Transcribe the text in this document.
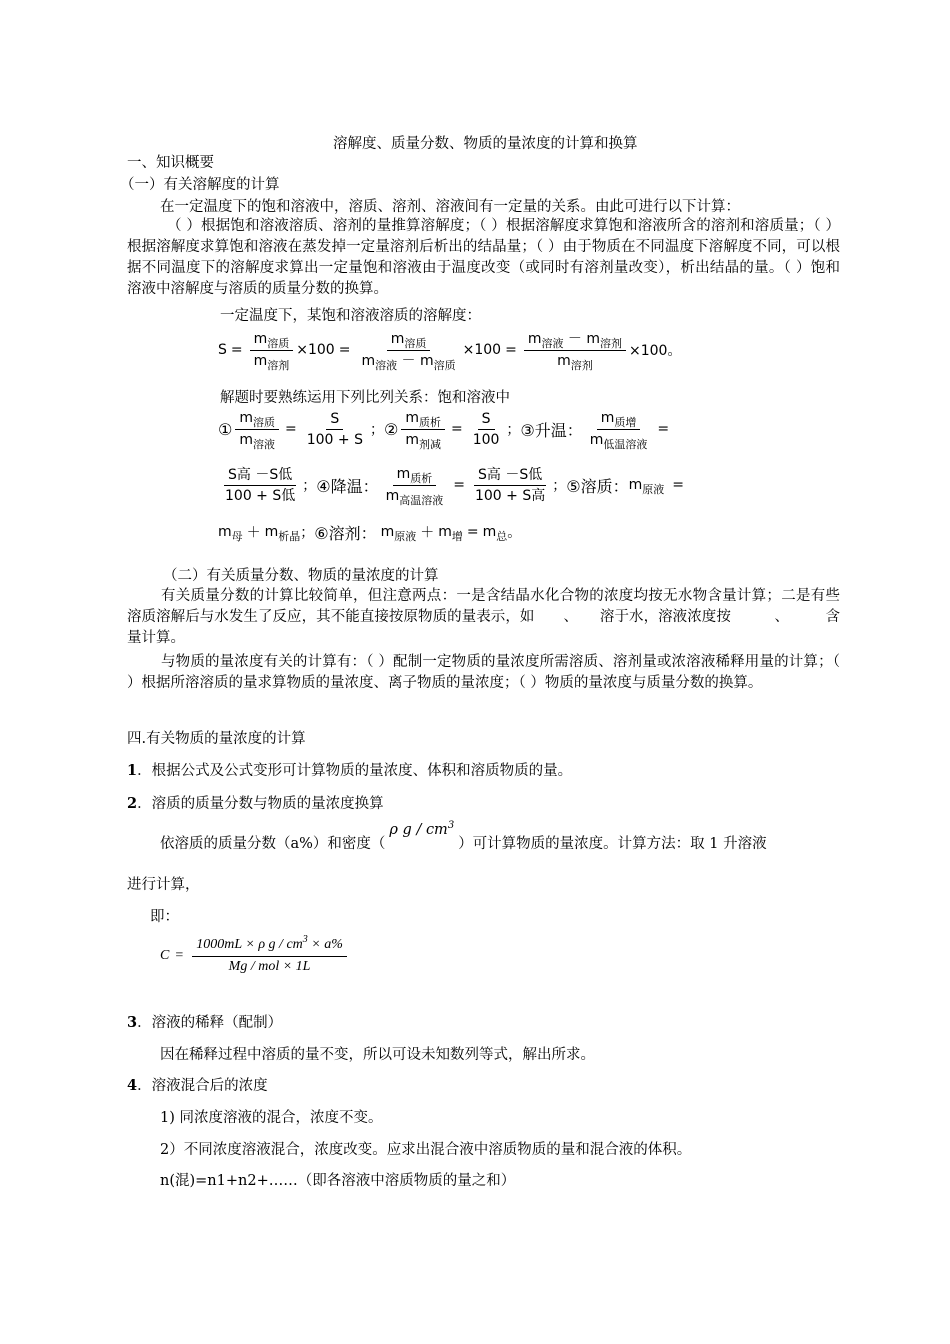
溶解度、质量分数、物质的量浓度的计算和换算
一、知识概要
（一）有关溶解度的计算
在一定温度下的饱和溶液中，溶质、溶剂、溶液间有一定量的关系。由此可进行以下计算：
（ ）根据饱和溶液溶质、溶剂的量推算溶解度；（ ）根据溶解度求算饱和溶液所含的溶剂和溶质量；（ ）根据溶解度求算饱和溶液在蒸发掉一定量溶剂后析出的结晶量；（ ）由于物质在不同温度下溶解度不同，可以根据不同温度下的溶解度求算出一定量饱和溶液由于温度改变（或同时有溶剂量改变），析出结晶的量。（ ）饱和溶液中溶解度与溶质的质量分数的换算。
一定温度下，某饱和溶液溶质的溶解度：
$S = \frac{m_{溶质}}{m_{溶剂}} \times 100 = \frac{m_{溶质}}{m_{溶液} - m_{溶质}} \times 100 = \frac{m_{溶液} - m_{溶剂}}{m_{溶剂}} \times 100$。
解题时要熟练运用下列比列关系：饱和溶液中
① $\frac{m_{溶质}}{m_{溶液}} = \frac{S}{100 + S}$ ； ② $\frac{m_{质析}}{m_{剂减}} = \frac{S}{100}$ ； ③升温： $\frac{m_{质增}}{m_{低温溶液}}$ =
$\frac{\text{S高 －S低}}{\text{100 + S低}}$ ； ④降温： $\frac{m_{质析}}{m_{高温溶液}} = \frac{\text{S高 －S低}}{\text{100 + S高}}$ ； ⑤溶质： m 原液 =
m 母 ＋ m 析晶 ； ⑥溶剂： m 原液 ＋ m 增 = m 总 。
（二）有关质量分数、物质的量浓度的计算
有关质量分数的计算比较简单，但注意两点：一是含结晶水化合物的浓度均按无水物含量计算；二是有些溶质溶解后与水发生了反应，其不能直接按原物质的量表示，如　　、　　溶于水，溶液浓度按　　　、　　　含量计算。
与物质的量浓度有关的计算有：（ ）配制一定物质的量浓度所需溶质、溶剂量或浓溶液稀释用量的计算；（ ）根据所溶溶质的量求算物质的量浓度、离子物质的量浓度；（ ）物质的量浓度与质量分数的换算。
四.有关物质的量浓度的计算
1．根据公式及公式变形可计算物质的量浓度、体积和溶质物质的量。
2．溶质的质量分数与物质的量浓度换算
依溶质的质量分数（a%）和密度（ρ g / $cm^3$）可计算物质的量浓度。计算方法：取 1 升溶液
进行计算，
即：
$C = \frac{1000mL \times \rho g / cm^3 \times a\%}{\text{Mg / mol × 1L}}$
3．溶液的稀释（配制）
因在稀释过程中溶质的量不变，所以可设未知数列等式，解出所求。
4．溶液混合后的浓度
1) 同浓度溶液的混合，浓度不变。
2）不同浓度溶液混合，浓度改变。应求出混合液中溶质物质的量和混合液的体积。
n(混)=n1+n2+……（即各溶液中溶质物质的量之和）
